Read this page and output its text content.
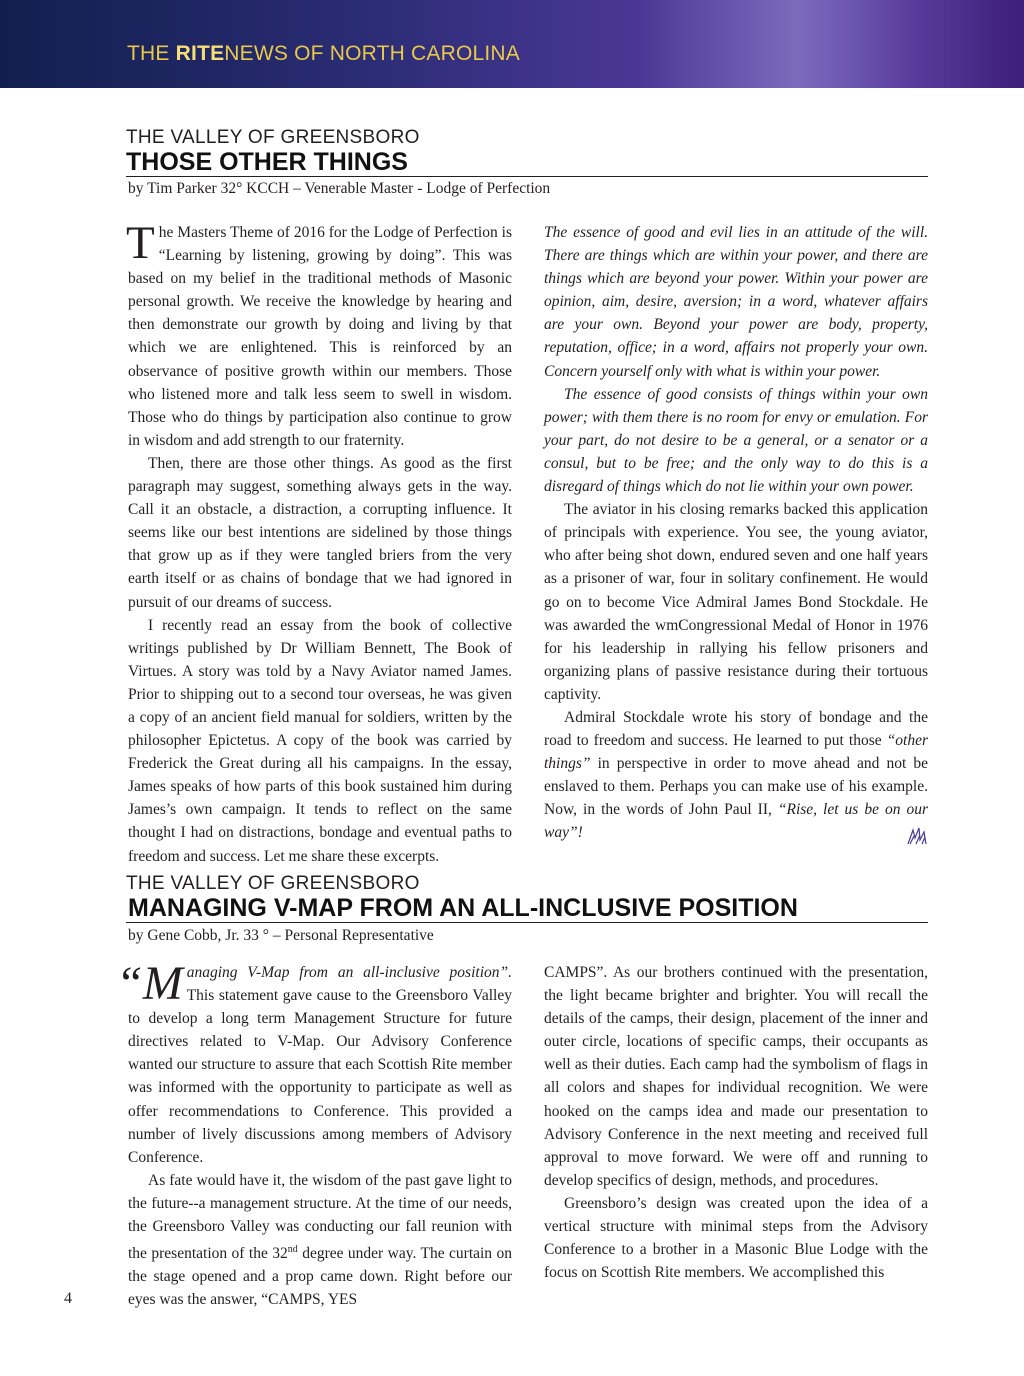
THE RITENEWS OF NORTH CAROLINA
THE VALLEY OF GREENSBORO
THOSE OTHER THINGS
by Tim Parker 32° KCCH – Venerable Master - Lodge of Perfection

The Masters Theme of 2016 for the Lodge of Perfection is “Learning by listening, growing by doing”. This was based on my belief in the traditional methods of Masonic personal growth. We receive the knowledge by hearing and then demonstrate our growth by doing and living by that which we are enlightened. This is reinforced by an observance of positive growth within our members. Those who listened more and talk less seem to swell in wisdom. Those who do things by participation also continue to grow in wisdom and add strength to our fraternity.

Then, there are those other things. As good as the first paragraph may suggest, something always gets in the way. Call it an obstacle, a distraction, a corrupting influence. It seems like our best intentions are sidelined by those things that grow up as if they were tangled briers from the very earth itself or as chains of bondage that we had ignored in pursuit of our dreams of success.

I recently read an essay from the book of collective writings published by Dr William Bennett, The Book of Virtues. A story was told by a Navy Aviator named James. Prior to shipping out to a second tour overseas, he was given a copy of an ancient field manual for soldiers, written by the philosopher Epictetus. A copy of the book was carried by Frederick the Great during all his campaigns. In the essay, James speaks of how parts of this book sustained him during James’s own campaign. It tends to reflect on the same thought I had on distractions, bondage and eventual paths to freedom and success. Let me share these excerpts.

The essence of good and evil lies in an attitude of the will. There are things which are within your power, and there are things which are beyond your power. Within your power are opinion, aim, desire, aversion; in a word, whatever affairs are your own. Beyond your power are body, property, reputation, office; in a word, affairs not properly your own. Concern yourself only with what is within your power.

The essence of good consists of things within your own power; with them there is no room for envy or emulation. For your part, do not desire to be a general, or a senator or a consul, but to be free; and the only way to do this is a disregard of things which do not lie within your own power.

The aviator in his closing remarks backed this application of principals with experience. You see, the young aviator, who after being shot down, endured seven and one half years as a prisoner of war, four in solitary confinement. He would go on to become Vice Admiral James Bond Stockdale. He was awarded the wmCongressional Medal of Honor in 1976 for his leadership in rallying his fellow prisoners and organizing plans of passive resistance during their tortuous captivity.

Admiral Stockdale wrote his story of bondage and the road to freedom and success. He learned to put those “other things” in perspective in order to move ahead and not be enslaved to them. Perhaps you can make use of his example. Now, in the words of John Paul II, “Rise, let us be on our way”!

THE VALLEY OF GREENSBORO
MANAGING V-MAP FROM AN ALL-INCLUSIVE POSITION
by Gene Cobb, Jr. 33 ° – Personal Representative

“Managing V-Map from an all-inclusive position”. This statement gave cause to the Greensboro Valley to develop a long term Management Structure for future directives related to V-Map. Our Advisory Conference wanted our structure to assure that each Scottish Rite member was informed with the opportunity to participate as well as offer recommendations to Conference. This provided a number of lively discussions among members of Advisory Conference.

As fate would have it, the wisdom of the past gave light to the future--a management structure. At the time of our needs, the Greensboro Valley was conducting our fall reunion with the presentation of the 32nd degree under way. The curtain on the stage opened and a prop came down. Right before our eyes was the answer, “CAMPS, YES

CAMPS”. As our brothers continued with the presentation, the light became brighter and brighter. You will recall the details of the camps, their design, placement of the inner and outer circle, locations of specific camps, their occupants as well as their duties. Each camp had the symbolism of flags in all colors and shapes for individual recognition. We were hooked on the camps idea and made our presentation to Advisory Conference in the next meeting and received full approval to move forward. We were off and running to develop specifics of design, methods, and procedures.

Greensboro’s design was created upon the idea of a vertical structure with minimal steps from the Advisory Conference to a brother in a Masonic Blue Lodge with the focus on Scottish Rite members. We accomplished this

4
